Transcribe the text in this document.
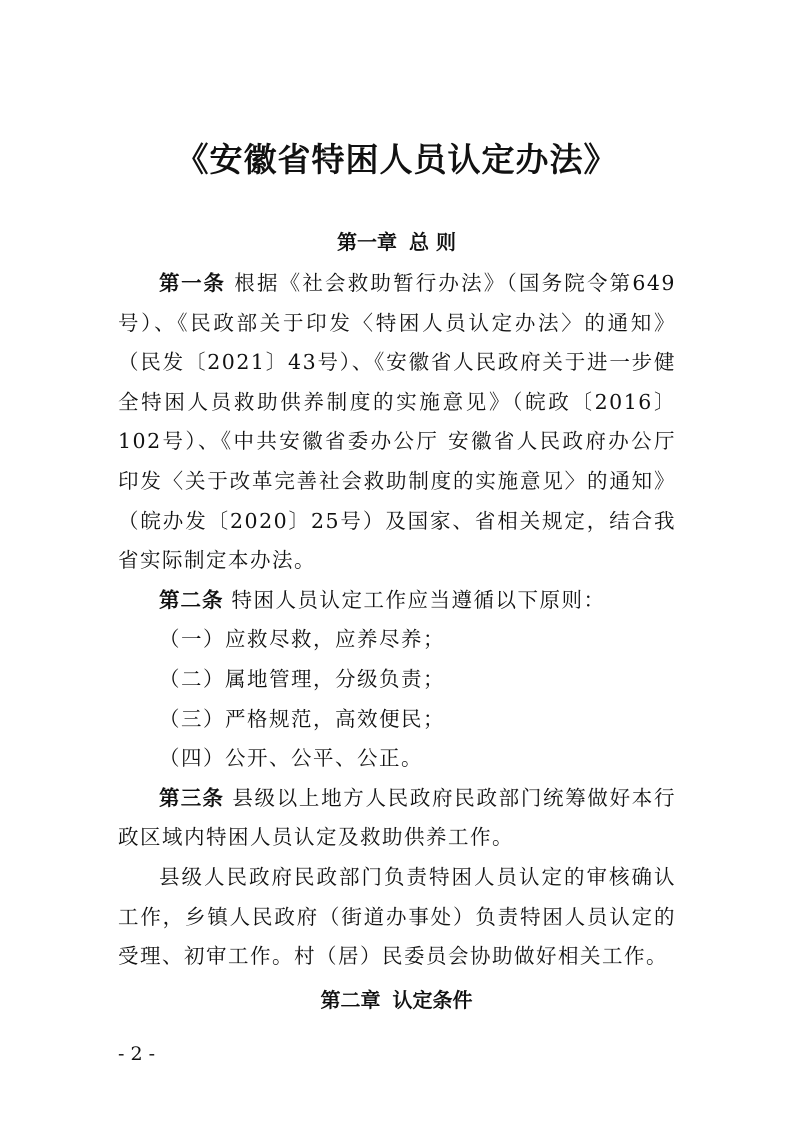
《安徽省特困人员认定办法》
第一章 总 则

第一条 根据《社会救助暂行办法》（国务院令第649号）、《民政部关于印发〈特困人员认定办法〉的通知》（民发〔2021〕43号）、《安徽省人民政府关于进一步健全特困人员救助供养制度的实施意见》（皖政〔2016〕102号）、《中共安徽省委办公厅 安徽省人民政府办公厅印发〈关于改革完善社会救助制度的实施意见〉的通知》（皖办发〔2020〕25号）及国家、省相关规定，结合我省实际制定本办法。

第二条 特困人员认定工作应当遵循以下原则：

（一）应救尽救，应养尽养；

（二）属地管理，分级负责；

（三）严格规范，高效便民；

（四）公开、公平、公正。

第三条 县级以上地方人民政府民政部门统筹做好本行政区域内特困人员认定及救助供养工作。

县级人民政府民政部门负责特困人员认定的审核确认工作，乡镇人民政府（街道办事处）负责特困人员认定的受理、初审工作。村（居）民委员会协助做好相关工作。

第二章 认定条件
- 2 -
